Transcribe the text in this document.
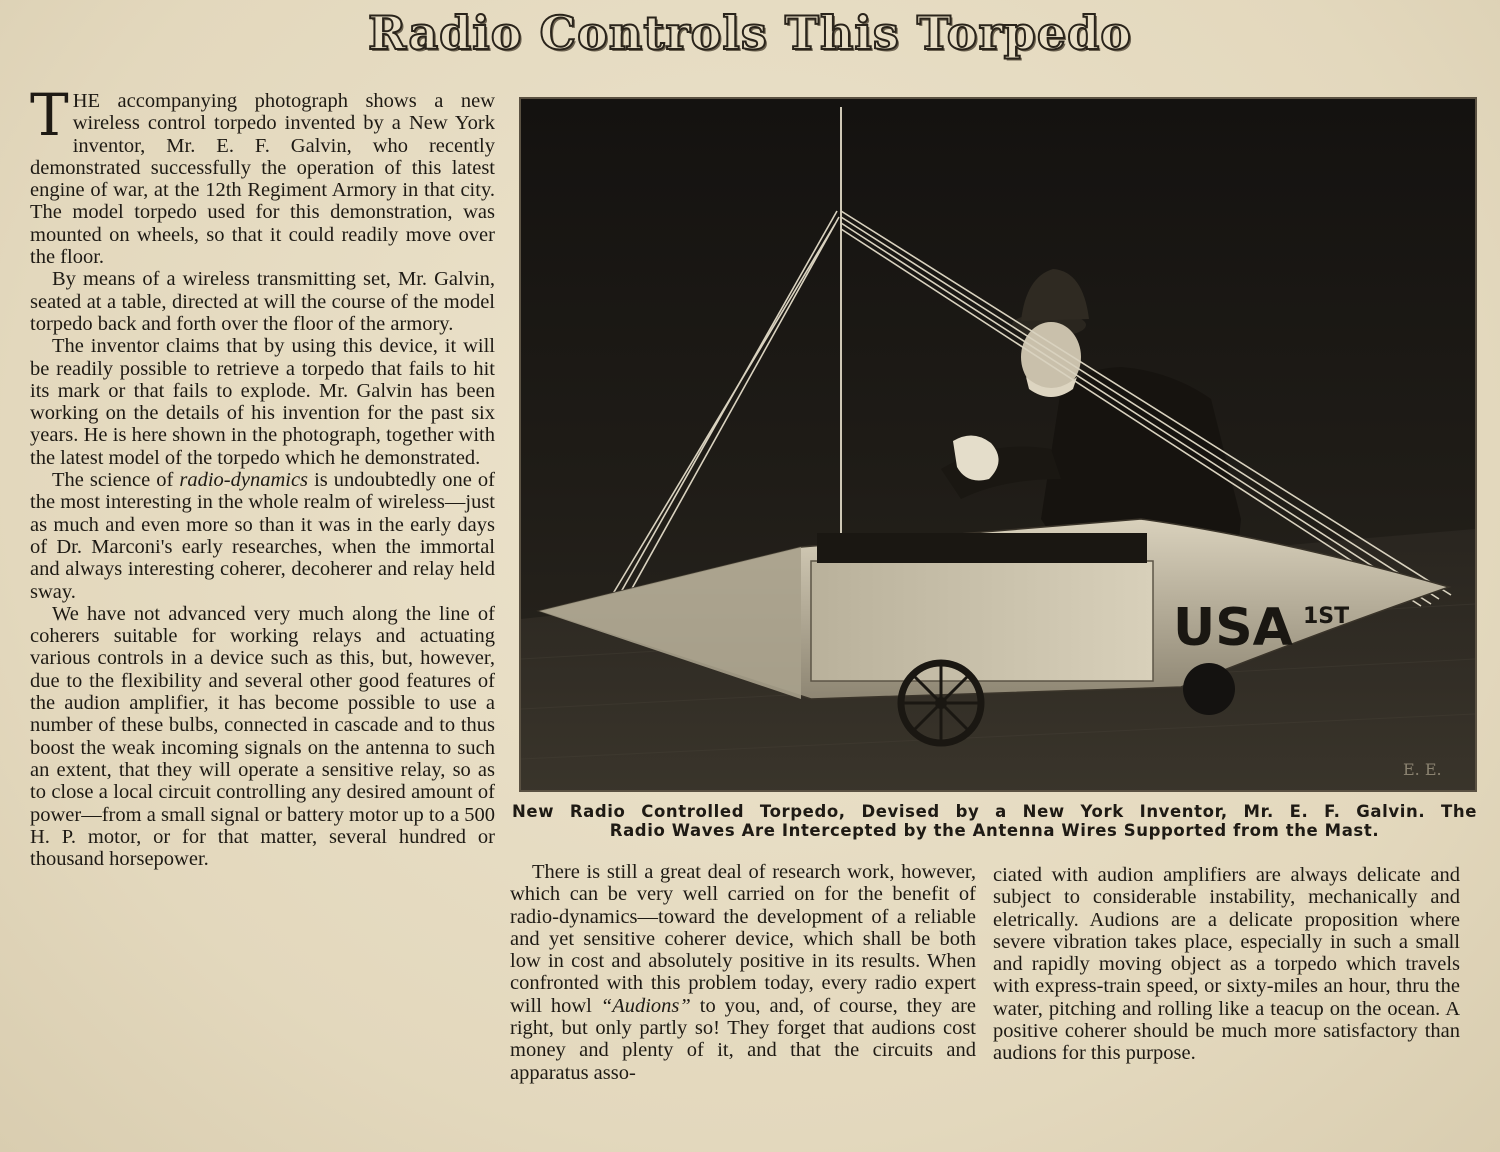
Radio Controls This Torpedo

THE accompanying photograph shows a new wireless control torpedo invented by a New York inventor, Mr. E. F. Galvin, who recently demonstrated successfully the operation of this latest engine of war, at the 12th Regiment Armory in that city. The model torpedo used for this demonstration, was mounted on wheels, so that it could readily move over the floor.

By means of a wireless transmitting set, Mr. Galvin, seated at a table, directed at will the course of the model torpedo back and forth over the floor of the armory.

The inventor claims that by using this device, it will be readily possible to retrieve a torpedo that fails to hit its mark or that fails to explode. Mr. Galvin has been working on the details of his invention for the past six years. He is here shown in the photograph, together with the latest model of the torpedo which he demonstrated.

The science of radio-dynamics is undoubtedly one of the most interesting in the whole realm of wireless—just as much and even more so than it was in the early days of Dr. Marconi's early researches, when the immortal and always interesting coherer, decoherer and relay held sway.

We have not advanced very much along the line of coherers suitable for working relays and actuating various controls in a device such as this, but, however, due to the flexibility and several other good features of the audion amplifier, it has become possible to use a number of these bulbs, connected in cascade and to thus boost the weak incoming signals on the antenna to such an extent, that they will operate a sensitive relay, so as to close a local circuit controlling any desired amount of power—from a small signal or battery motor up to a 500 H. P. motor, or for that matter, several hundred or thousand horsepower.

USA 1ST
E. E.
New Radio Controlled Torpedo, Devised by a New York Inventor, Mr. E. F. Galvin. The
Radio Waves Are Intercepted by the Antenna Wires Supported from the Mast.

There is still a great deal of research work, however, which can be very well carried on for the benefit of radio-dynamics—toward the development of a reliable and yet sensitive coherer device, which shall be both low in cost and absolutely positive in its results. When confronted with this problem today, every radio expert will howl “Audions” to you, and, of course, they are right, but only partly so! They forget that audions cost money and plenty of it, and that the circuits and apparatus asso-

ciated with audion amplifiers are always delicate and subject to considerable instability, mechanically and eletrically. Audions are a delicate proposition where severe vibration takes place, especially in such a small and rapidly moving object as a torpedo which travels with express-train speed, or sixty-miles an hour, thru the water, pitching and rolling like a teacup on the ocean. A positive coherer should be much more satisfactory than audions for this purpose.
